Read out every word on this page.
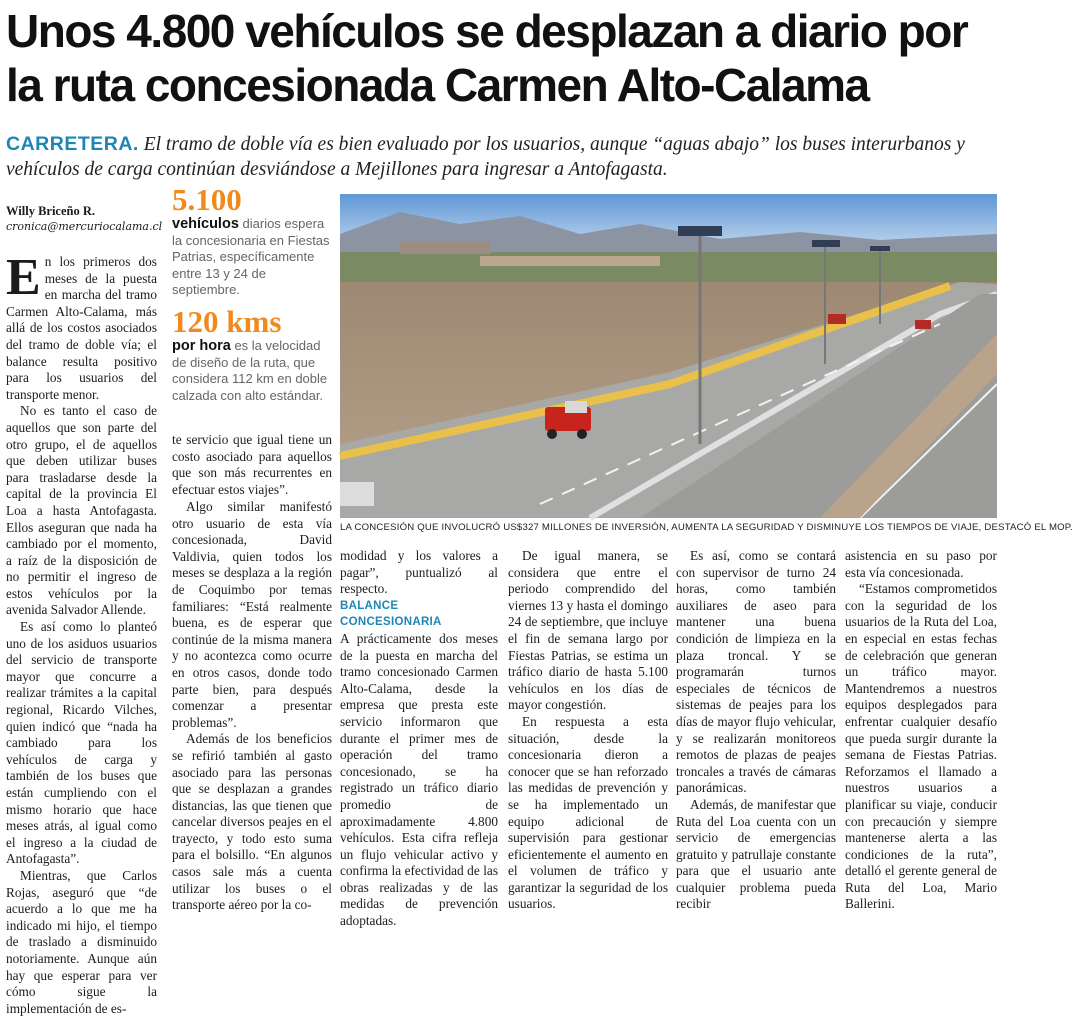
Unos 4.800 vehículos se desplazan a diario por la ruta concesionada Carmen Alto-Calama
CARRETERA. El tramo de doble vía es bien evaluado por los usuarios, aunque “aguas abajo” los buses interurbanos y vehículos de carga continúan desviándose a Mejillones para ingresar a Antofagasta.
Willy Briceño R.
cronica@mercuriocalama.cl
5.100
vehículos diarios espera la concesionaria en Fiestas Patrias, específicamente entre 13 y 24 de septiembre.
120 kms
por hora es la velocidad de diseño de la ruta, que considera 112 km en doble calzada con alto estándar.

En los primeros dos meses de la puesta en marcha del tramo Carmen Alto-Calama, más allá de los costos asociados del tramo de doble vía; el balance resulta positivo para los usuarios del transporte menor.

No es tanto el caso de aquellos que son parte del otro grupo, el de aquellos que deben utilizar buses para trasladarse desde la capital de la provincia El Loa a hasta Antofagasta. Ellos aseguran que nada ha cambiado por el momento, a raíz de la disposición de no permitir el ingreso de estos vehículos por la avenida Salvador Allende.

Es así como lo planteó uno de los asiduos usuarios del servicio de transporte mayor que concurre a realizar trámites a la capital regional, Ricardo Vilches, quien indicó que “nada ha cambiado para los vehículos de carga y también de los buses que están cumpliendo con el mismo horario que hace meses atrás, al igual como el ingreso a la ciudad de Antofagasta”.

Mientras, que Carlos Rojas, aseguró que “de acuerdo a lo que me ha indicado mi hijo, el tiempo de traslado a disminuido notoriamente. Aunque aún hay que esperar para ver cómo sigue la implementación de es-

te servicio que igual tiene un costo asociado para aquellos que son más recurrentes en efectuar estos viajes”.

Algo similar manifestó otro usuario de esta vía concesionada, David Valdivia, quien todos los meses se desplaza a la región de Coquimbo por temas familiares: “Está realmente buena, es de esperar que continúe de la misma manera y no acontezca como ocurre en otros casos, donde todo parte bien, para después comenzar a presentar problemas”.

Además de los beneficios se refirió también al gasto asociado para las personas que se desplazan a grandes distancias, las que tienen que cancelar diversos peajes en el trayecto, y todo esto suma para el bolsillo. “En algunos casos sale más a cuenta utilizar los buses o el transporte aéreo por la co-

LA CONCESIÓN QUE INVOLUCRÓ US$327 MILLONES DE INVERSIÓN, AUMENTA LA SEGURIDAD Y DISMINUYE LOS TIEMPOS DE VIAJE, DESTACÓ EL MOP.

modidad y los valores a pagar”, puntualizó al respecto.

BALANCE CONCESIONARIA

A prácticamente dos meses de la puesta en marcha del tramo concesionado Carmen Alto-Calama, desde la empresa que presta este servicio informaron que durante el primer mes de operación del tramo concesionado, se ha registrado un tráfico diario promedio de aproximadamente 4.800 vehículos. Esta cifra refleja un flujo vehicular activo y confirma la efectividad de las obras realizadas y de las medidas de prevención adoptadas.

De igual manera, se considera que entre el periodo comprendido del viernes 13 y hasta el domingo 24 de septiembre, que incluye el fin de semana largo por Fiestas Patrias, se estima un tráfico diario de hasta 5.100 vehículos en los días de mayor congestión.

En respuesta a esta situación, desde la concesionaria dieron a conocer que se han reforzado las medidas de prevención y se ha implementado un equipo adicional de supervisión para gestionar eficientemente el aumento en el volumen de tráfico y garantizar la seguridad de los usuarios.

Es así, como se contará con supervisor de turno 24 horas, como también auxiliares de aseo para mantener una buena condición de limpieza en la plaza troncal. Y se programarán turnos especiales de técnicos de sistemas de peajes para los días de mayor flujo vehicular, y se realizarán monitoreos remotos de plazas de peajes troncales a través de cámaras panorámicas.

Además, de manifestar que Ruta del Loa cuenta con un servicio de emergencias gratuito y patrullaje constante para que el usuario ante cualquier problema pueda recibir

asistencia en su paso por esta vía concesionada.

“Estamos comprometidos con la seguridad de los usuarios de la Ruta del Loa, en especial en estas fechas de celebración que generan un tráfico mayor. Mantendremos a nuestros equipos desplegados para enfrentar cualquier desafío que pueda surgir durante la semana de Fiestas Patrias. Reforzamos el llamado a nuestros usuarios a planificar su viaje, conducir con precaución y siempre mantenerse alerta a las condiciones de la ruta”, detalló el gerente general de Ruta del Loa, Mario Ballerini.
